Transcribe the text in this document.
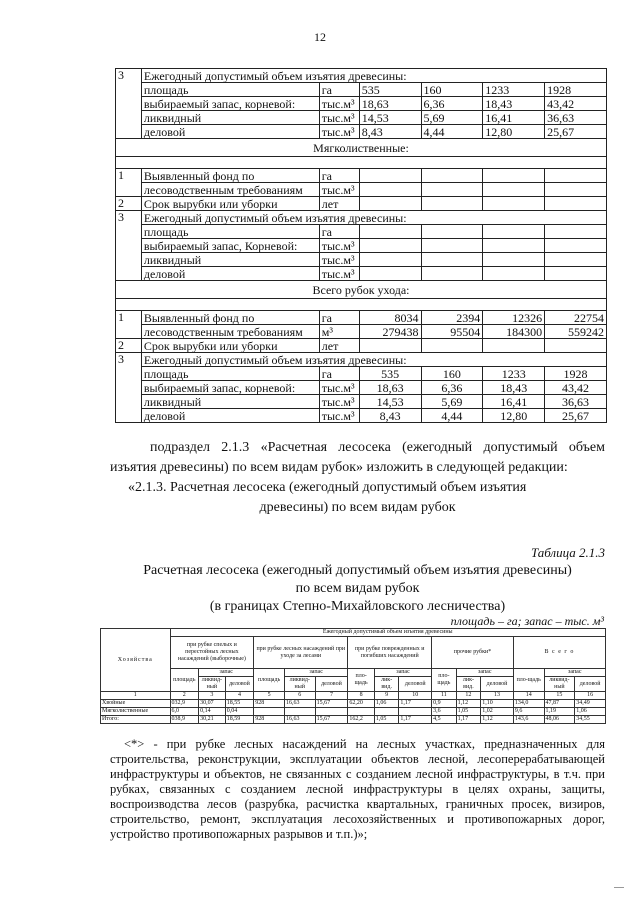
12
3	Ежегодный допустимый объем изъятия древесины:					
	площадь	га	535	160	1233	1928
	выбираемый запас, корневой:	тыс.м³	18,63	6,36	18,43	43,42
	ликвидный	тыс.м³	14,53	5,69	16,41	36,63
	деловой	тыс.м³	8,43	4,44	12,80	25,67
Мягколиственные:						

1	Выявленный фонд по	га				
	лесоводственным требованиям	тыс.м³				
2	Срок вырубки или уборки	лет				
3	Ежегодный допустимый объем изъятия древесины:					
	площадь	га				
	выбираемый запас, Корневой:	тыс.м³				
	ликвидный	тыс.м³				
	деловой	тыс.м³				
Всего рубок ухода:						

1	Выявленный фонд по	га	8034	2394	12326	22754
	лесоводственным требованиям	м³	279438	95504	184300	559242
2	Срок вырубки или уборки	лет				
3	Ежегодный допустимый объем изъятия древесины:					
	площадь	га	535	160	1233	1928
	выбираемый запас, корневой:	тыс.м³	18,63	6,36	18,43	43,42
	ликвидный	тыс.м³	14,53	5,69	16,41	36,63
	деловой	тыс.м³	8,43	4,44	12,80	25,67

подраздел 2.1.3 «Расчетная лесосека (ежегодный допустимый объем изъятия древесины) по всем видам рубок» изложить в следующей редакции:

«2.1.3. Расчетная лесосека (ежегодный допустимый объем изъятия

древесины) по всем видам рубок

Таблица 2.1.3
Расчетная лесосека (ежегодный допустимый объем изъятия древесины)
по всем видам рубок
(в границах Степно-Михайловского лесничества)
площадь – га; запас – тыс. м³
Хозяйства	Ежегодный допустимый объем изъятия древесины														
	при рубке спелых и перестойных лесных насаждений (выборочные)			при рубке лесных насаждений при уходе за лесами			при рубке поврежденных и погибших насаждений			прочие рубки*			В с е г о		
	площадь	запас		площадь	запас		пло-щадь	запас		пло-щадь	запас		пло-щадь	запас	
		ликвид-ный	деловой		ликвид-ный	деловой		лик-вид.	деловой		лик-вид.	деловой		ликвид-ный	деловой
1	2	3	4	5	6	7	8	9	10	11	12	13	14	15	16
Хвойные	032,9	30,07	18,55	928	16,63	15,67	62,20	1,06	1,17	0,9	1,12	1,10	134,0	47,87	34,49
Мягколиственные	6,0	0,14	0,04							3,6	1,05	1,02	9,6	1,19	1,06
Итого:	038,9	30,21	18,59	928	16,63	15,67	162,2	1,05	1,17	4,5	1,17	1,12	143,6	48,06	34,55

<*> - при рубке лесных насаждений на лесных участках, предназначенных для строительства, реконструкции, эксплуатации объектов лесной, лесоперерабатывающей инфраструктуры и объектов, не связанных с созданием лесной инфраструктуры, в т.ч. при рубках, связанных с созданием лесной инфраструктуры в целях охраны, защиты, воспроизводства лесов (разрубка, расчистка квартальных, граничных просек, визиров, строительство, ремонт, эксплуатация лесохозяйственных и противопожарных дорог, устройство противопожарных разрывов и т.п.)»;
